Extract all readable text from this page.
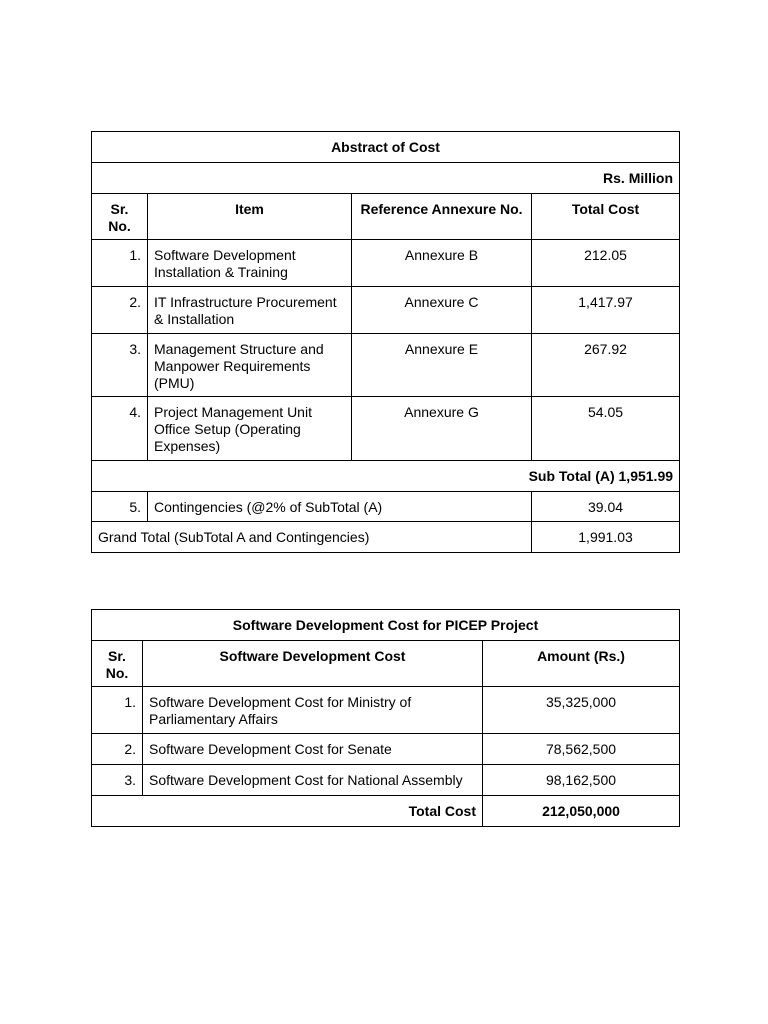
Abstract of Cost			
Rs. Million			
Sr. No.	Item	Reference Annexure No.	Total Cost
1.	Software Development Installation & Training	Annexure B	212.05
2.	IT Infrastructure Procurement & Installation	Annexure C	1,417.97
3.	Management Structure and Manpower Requirements (PMU)	Annexure E	267.92
4.	Project Management Unit Office Setup (Operating Expenses)	Annexure G	54.05
Sub Total (A) 1,951.99			
5.	Contingencies (@2% of SubTotal (A)		39.04
Grand Total (SubTotal A and Contingencies)			1,991.03
Software Development Cost for PICEP Project		
Sr. No.	Software Development Cost	Amount (Rs.)
1.	Software Development Cost for Ministry of Parliamentary Affairs	35,325,000
2.	Software Development Cost for Senate	78,562,500
3.	Software Development Cost for National Assembly	98,162,500
Total Cost		212,050,000
